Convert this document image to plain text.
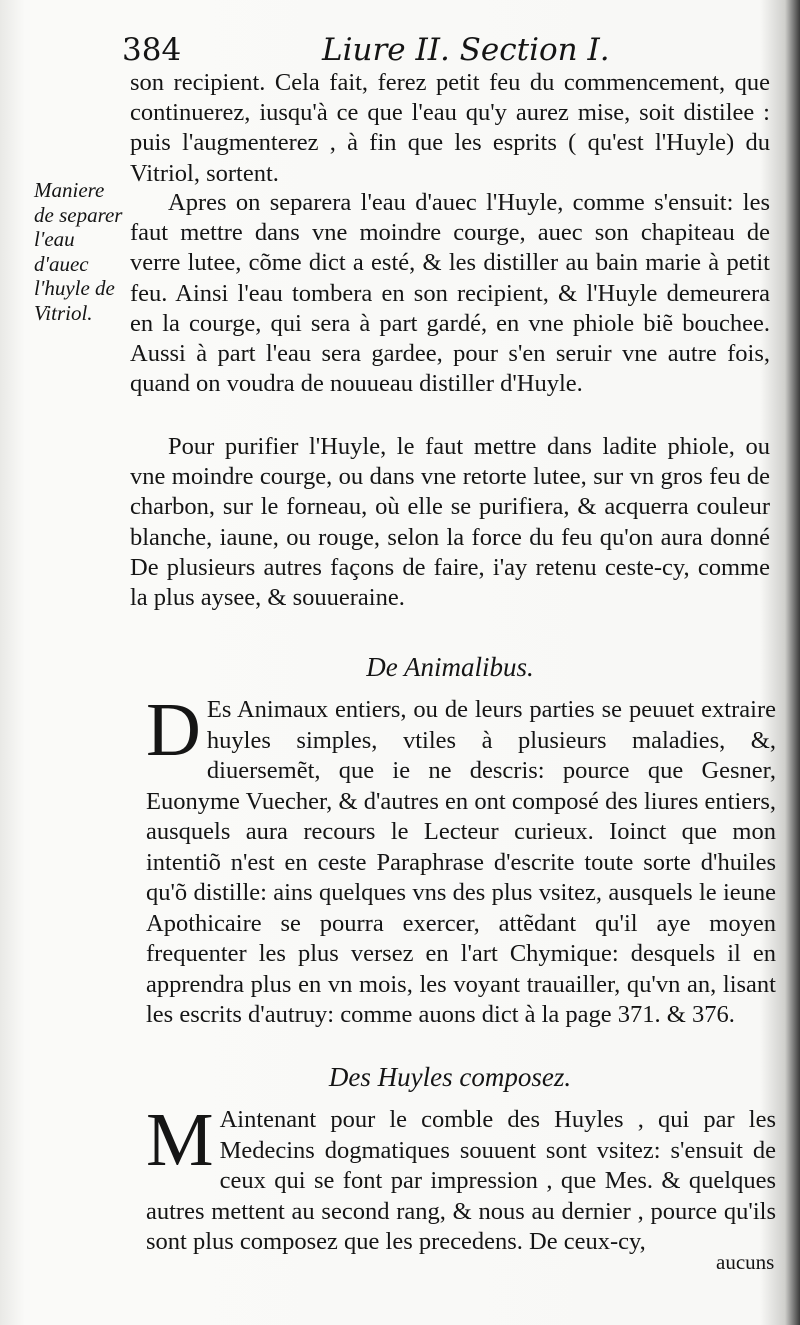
384	Liure II. Section I.
Maniere de separer l'eau d'auec l'huyle de Vitriol.

son recipient. Cela fait, ferez petit feu du commencement, que continuerez, iusqu'à ce que l'eau qu'y aurez mise, soit distilee : puis l'augmenterez , à fin que les esprits ( qu'est l'Huyle) du Vitriol, sortent.

Apres on separera l'eau d'auec l'Huyle, comme s'ensuit: les faut mettre dans vne moindre courge, auec son chapiteau de verre lutee, cõme dict a esté, & les distiller au bain marie à petit feu. Ainsi l'eau tombera en son recipient, & l'Huyle demeurera en la courge, qui sera à part gardé, en vne phiole biẽ bouchee. Aussi à part l'eau sera gardee, pour s'en seruir vne autre fois, quand on voudra de nouueau distiller d'Huyle.

Pour purifier l'Huyle, le faut mettre dans ladite phiole, ou vne moindre courge, ou dans vne retorte lutee, sur vn gros feu de charbon, sur le forneau, où elle se purifiera, & acquerra couleur blanche, iaune, ou rouge, selon la force du feu qu'on aura donné De plusieurs autres façons de faire, i'ay retenu ceste-cy, comme la plus aysee, & souueraine.

De Animalibus.
D Es Animaux entiers, ou de leurs parties se peuuet extraire huyles simples, vtiles à plusieurs maladies, &, diuersemẽt, que ie ne descris: pource que Gesner, Euonyme Vuecher, & d'autres en ont composé des liures entiers, ausquels aura recours le Lecteur curieux. Ioinct que mon intentiõ n'est en ceste Paraphrase d'escrite toute sorte d'huiles qu'õ distille: ains quelques vns des plus vsitez, ausquels le ieune Apothicaire se pourra exercer, attẽdant qu'il aye moyen frequenter les plus versez en l'art Chymique: desquels il en apprendra plus en vn mois, les voyant trauailler, qu'vn an, lisant les escrits d'autruy: comme auons dict à la page 371. & 376.
Des Huyles composez.
M Aintenant pour le comble des Huyles , qui par les Medecins dogmatiques souuent sont vsitez: s'ensuit de ceux qui se font par impression , que Mes. & quelques autres mettent au second rang, & nous au dernier , pource qu'ils sont plus composez que les precedens. De ceux-cy,
aucuns
